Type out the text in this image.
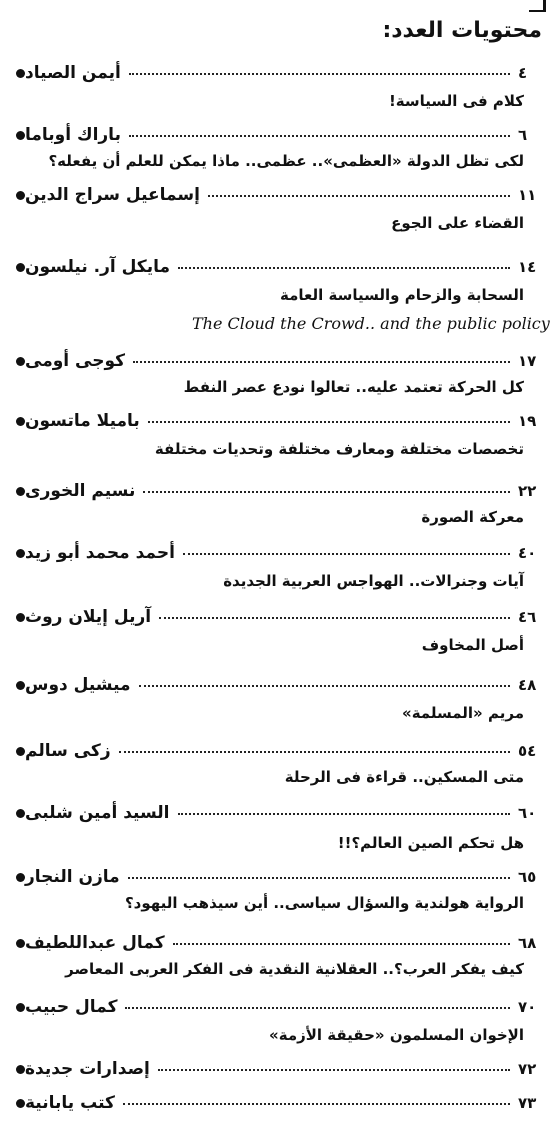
محتويات العدد:
أيمن الصياد	٤
كلام فى السياسة!
باراك أوباما	٦
لكى تظل الدولة «العظمى».. عظمى.. ماذا يمكن للعلم أن يفعله؟
إسماعيل سراج الدين	١١
القضاء على الجوع
مايكل آر. نيلسون	١٤
The Cloud the Crowd.. and the public policy
السحابة والزحام والسياسة العامة
كوجى أومى	١٧
كل الحركة تعتمد عليه.. تعالوا نودع عصر النفط
باميلا ماتسون	١٩
تخصصات مختلفة ومعارف مختلفة وتحديات مختلفة
نسيم الخورى	٢٢
معركة الصورة
أحمد محمد أبو زيد	٤٠
آيات وجنرالات.. الهواجس العربية الجديدة
آريل إيلان روث	٤٦
أصل المخاوف
ميشيل دوس	٤٨
مريم «المسلمة»
زكى سالم	٥٤
متى المسكين.. قراءة فى الرحلة
السيد أمين شلبى	٦٠
هل تحكم الصين العالم؟!!
مازن النجار	٦٥
الرواية هولندية والسؤال سياسى.. أين سيذهب اليهود؟
كمال عبداللطيف	٦٨
كيف يفكر العرب؟.. العقلانية النقدية فى الفكر العربى المعاصر
كمال حبيب	٧٠
الإخوان المسلمون «حقيقة الأزمة»
إصدارات جديدة	٧٢
كتب يابانية	٧٣
